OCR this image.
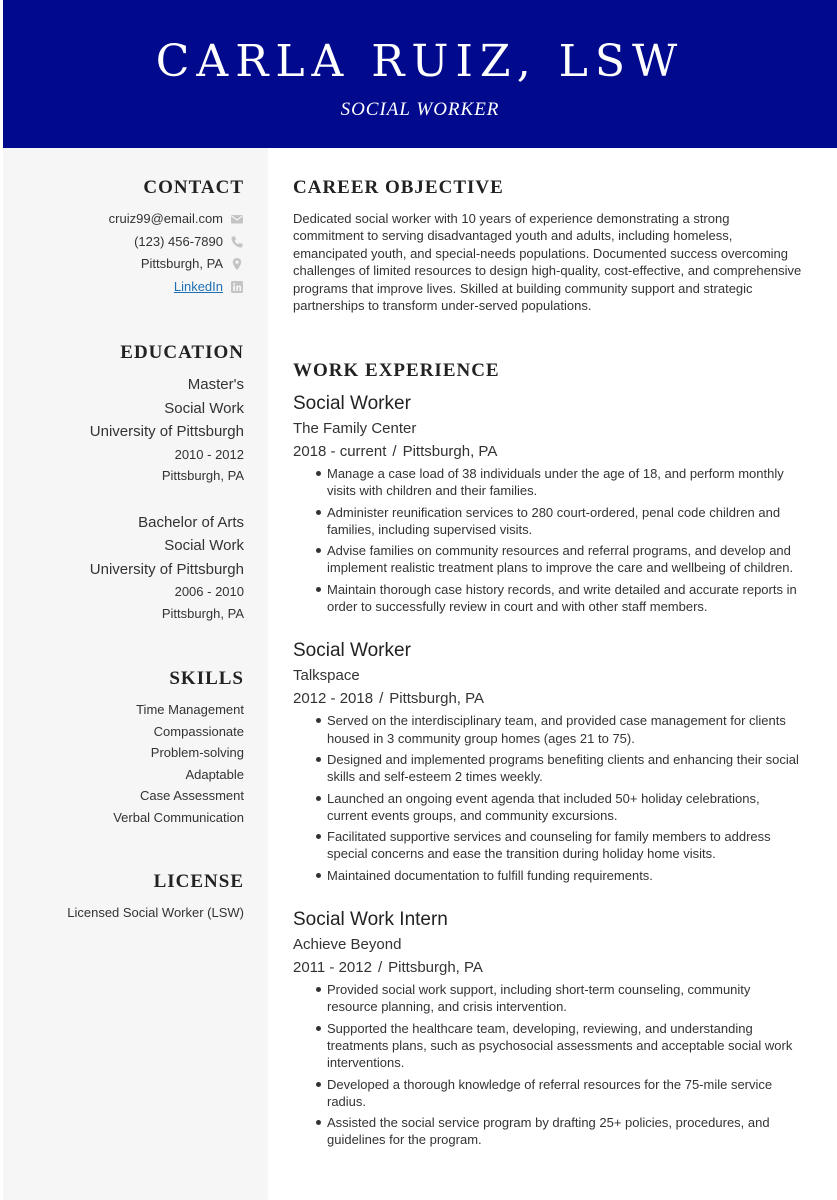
CARLA RUIZ, LSW
SOCIAL WORKER
CONTACT
cruiz99@email.com
(123) 456-7890
Pittsburgh, PA
LinkedIn
EDUCATION
Master's
Social Work
University of Pittsburgh
2010 - 2012
Pittsburgh, PA
Bachelor of Arts
Social Work
University of Pittsburgh
2006 - 2010
Pittsburgh, PA
SKILLS
Time Management
Compassionate
Problem-solving
Adaptable
Case Assessment
Verbal Communication
LICENSE
Licensed Social Worker (LSW)
CAREER OBJECTIVE
Dedicated social worker with 10 years of experience demonstrating a strong commitment to serving disadvantaged youth and adults, including homeless, emancipated youth, and special-needs populations. Documented success overcoming challenges of limited resources to design high-quality, cost-effective, and comprehensive programs that improve lives. Skilled at building community support and strategic partnerships to transform under-served populations.
WORK EXPERIENCE
Social Worker
The Family Center
2018 - current / Pittsburgh, PA
Manage a case load of 38 individuals under the age of 18, and perform monthly visits with children and their families.
Administer reunification services to 280 court-ordered, penal code children and families, including supervised visits.
Advise families on community resources and referral programs, and develop and implement realistic treatment plans to improve the care and wellbeing of children.
Maintain thorough case history records, and write detailed and accurate reports in order to successfully review in court and with other staff members.
Social Worker
Talkspace
2012 - 2018 / Pittsburgh, PA
Served on the interdisciplinary team, and provided case management for clients housed in 3 community group homes (ages 21 to 75).
Designed and implemented programs benefiting clients and enhancing their social skills and self-esteem 2 times weekly.
Launched an ongoing event agenda that included 50+ holiday celebrations, current events groups, and community excursions.
Facilitated supportive services and counseling for family members to address special concerns and ease the transition during holiday home visits.
Maintained documentation to fulfill funding requirements.
Social Work Intern
Achieve Beyond
2011 - 2012 / Pittsburgh, PA
Provided social work support, including short-term counseling, community resource planning, and crisis intervention.
Supported the healthcare team, developing, reviewing, and understanding treatments plans, such as psychosocial assessments and acceptable social work interventions.
Developed a thorough knowledge of referral resources for the 75-mile service radius.
Assisted the social service program by drafting 25+ policies, procedures, and guidelines for the program.
